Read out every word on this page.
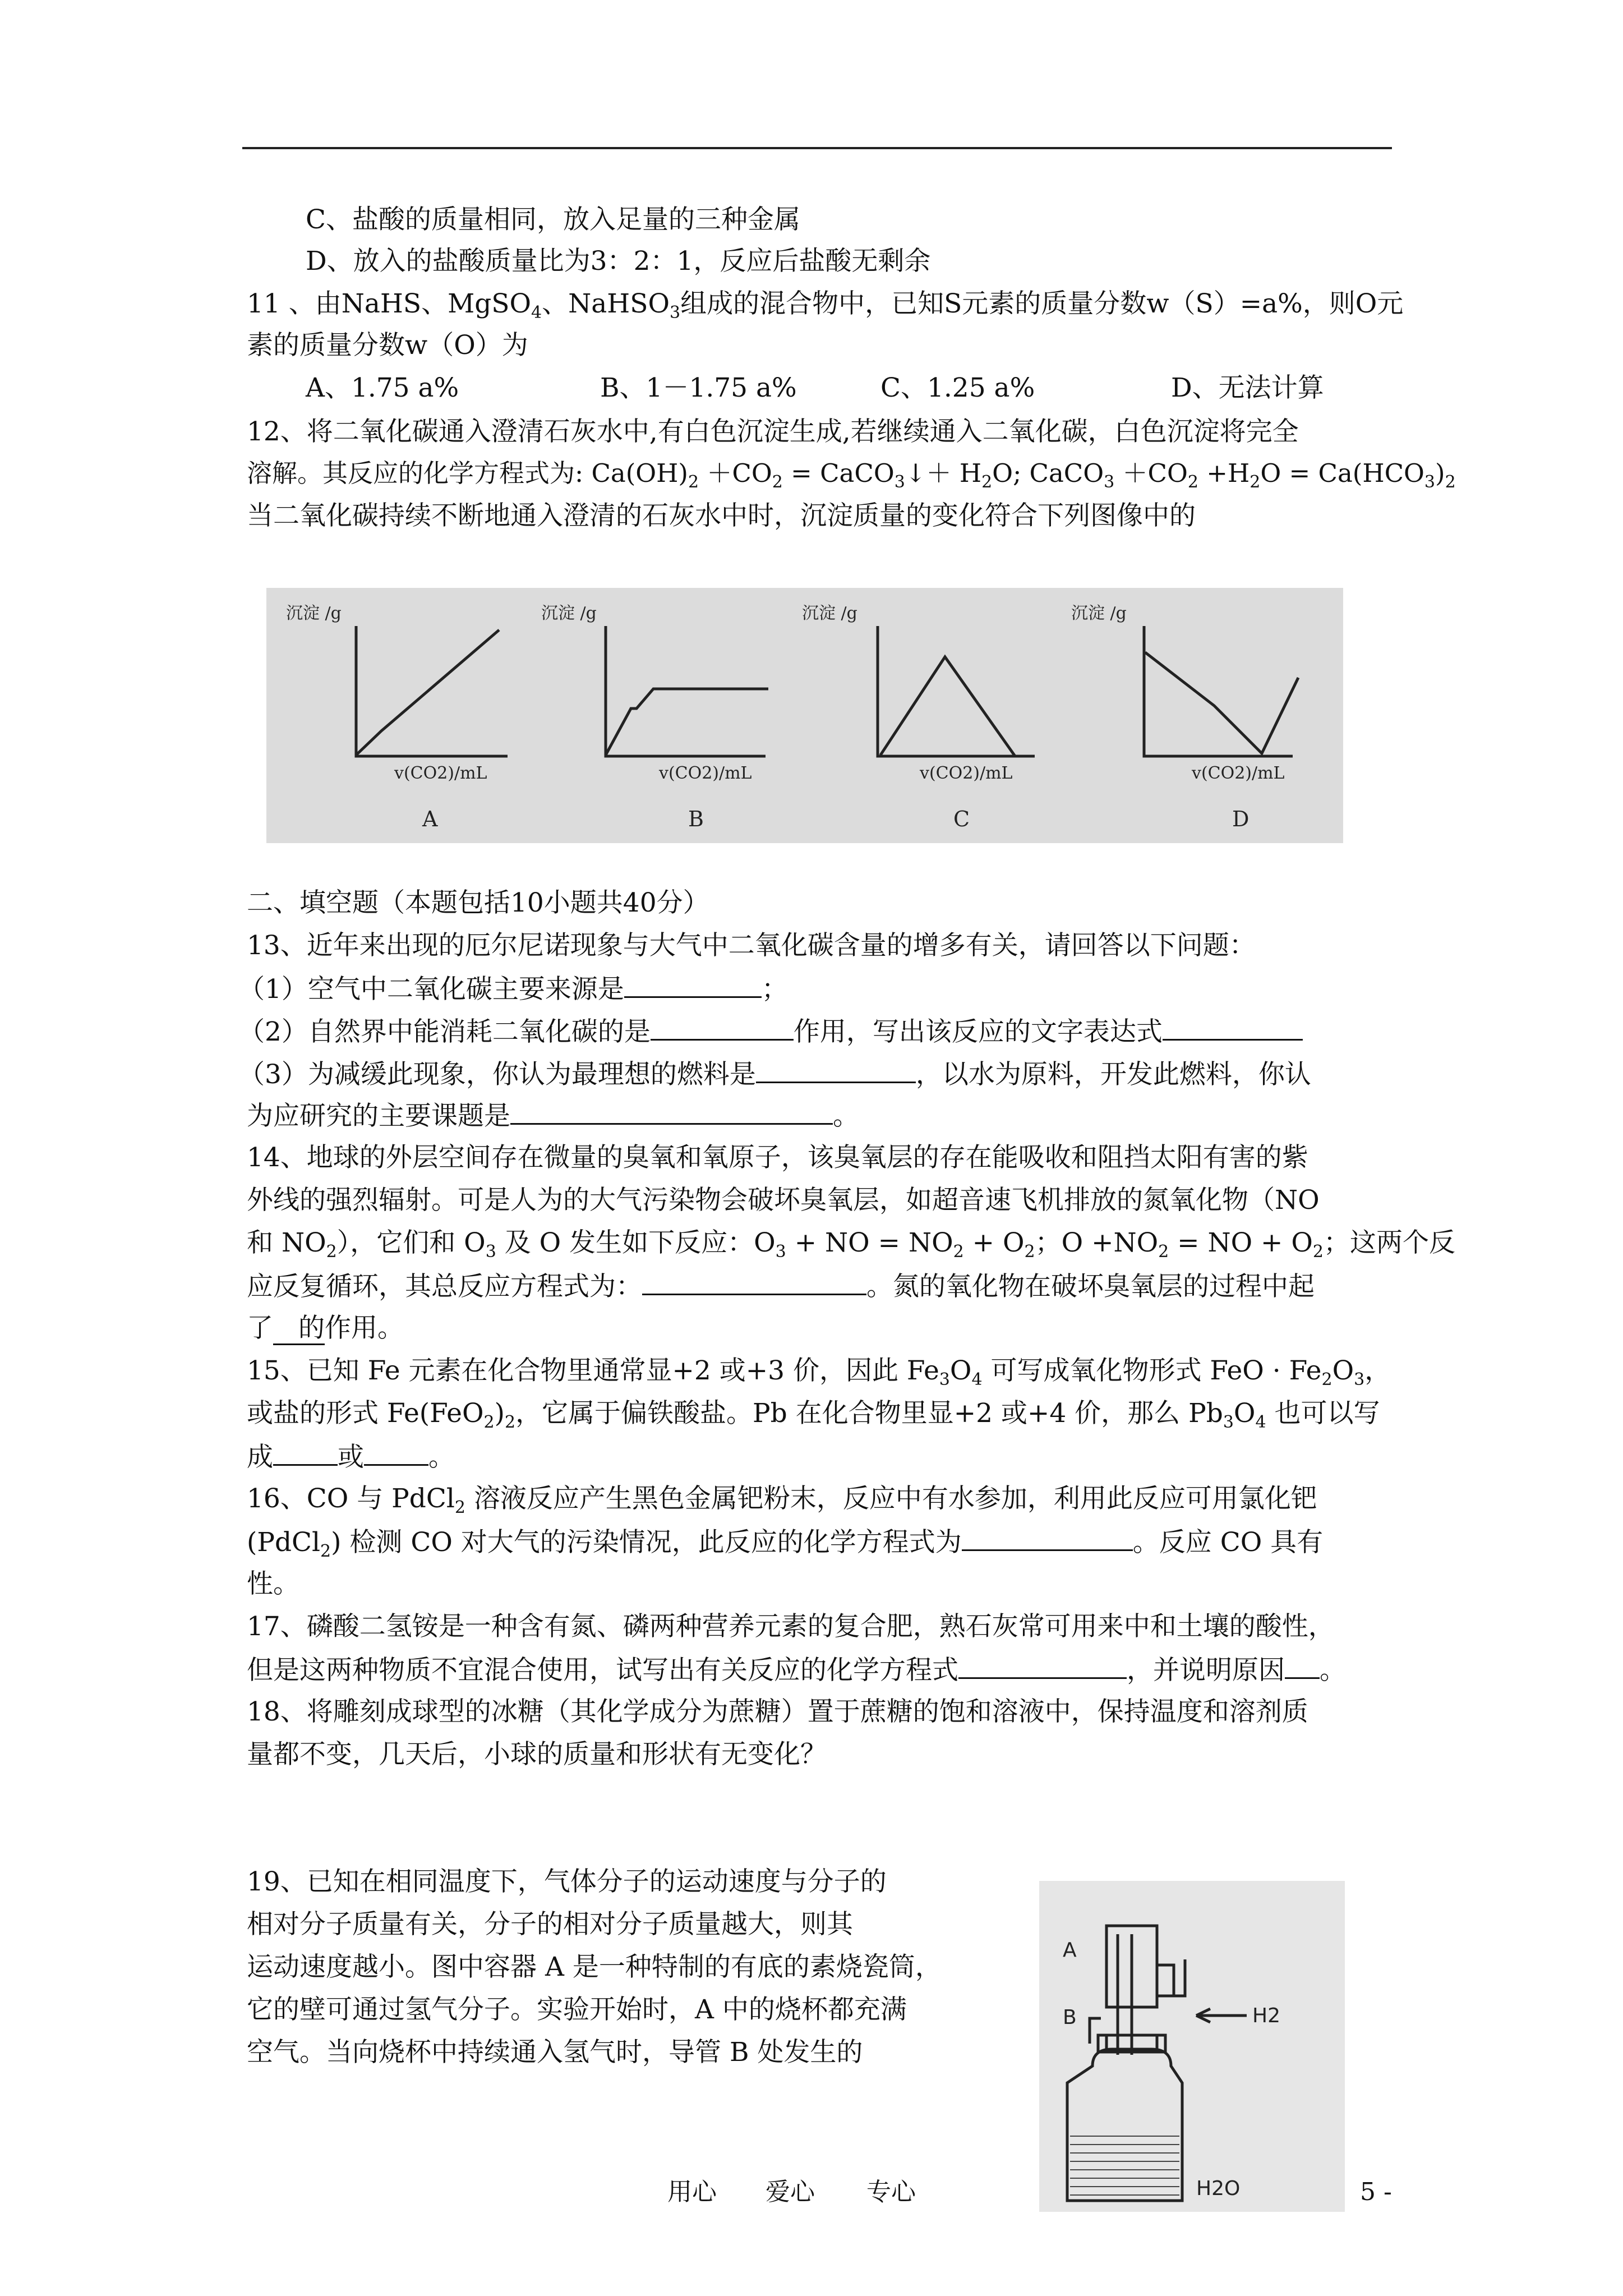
C、盐酸的质量相同，放入足量的三种金属
D、放入的盐酸质量比为3：2：1，反应后盐酸无剩余
11 、由NaHS、MgSO$_4$、NaHSO$_3$组成的混合物中，已知S元素的质量分数w（S）=a%，则O元
素的质量分数w（O）为
A、1.75 a%	B、1－1.75 a%	C、1.25 a%	D、无法计算
12、将二氧化碳通入澄清石灰水中,有白色沉淀生成,若继续通入二氧化碳，白色沉淀将完全
溶解。其反应的化学方程式为: $Ca(OH)_2 +CO_2$ = CaCO$_3$↓＋ $H_2O$; CaCO$_3$ $+CO_2 +H_2O = Ca(HCO_3)_2$
当二氧化碳持续不断地通入澄清的石灰水中时，沉淀质量的变化符合下列图像中的
沉淀 /g	沉淀 /g	沉淀 /g	沉淀 /g
v(CO2)/mL	v(CO2)/mL	v(CO2)/mL	v(CO2)/mL
A	B	C	D
二、填空题（本题包括10小题共40分）
13、近年来出现的厄尔尼诺现象与大气中二氧化碳含量的增多有关，请回答以下问题：
（1）空气中二氧化碳主要来源是	；
（2）自然界中能消耗二氧化碳的是	作用，写出该反应的文字表达式
（3）为减缓此现象，你认为最理想的燃料是	，以水为原料，开发此燃料，你认
为应研究的主要课题是	。
14、地球的外层空间存在微量的臭氧和氧原子，该臭氧层的存在能吸收和阻挡太阳有害的紫
外线的强烈辐射。可是人为的大气污染物会破坏臭氧层，如超音速飞机排放的氮氧化物（NO
和 $NO_2$），它们和 $O_3$ 及 O 发生如下反应：$O_3$ + NO = $NO_2 + O_2$；$O +NO_2$ = NO + $O_2$；这两个反
应反复循环，其总反应方程式为：	。氮的氧化物在破坏臭氧层的过程中起
了 的作用。
15、已知 Fe 元素在化合物里通常显+2 或+3 价，因此 $Fe_3O_4$ 可写成氧化物形式 FeO · $Fe_2O_3$，
或盐的形式 $Fe(FeO_2)_2$，它属于偏铁酸盐。Pb 在化合物里显+2 或+4 价，那么 $Pb_3O_4$ 也可以写
成 或 。
16、CO 与 PdCl$_2$ 溶液反应产生黑色金属钯粉末，反应中有水参加，利用此反应可用氯化钯
(PdCl$_2$) 检测 CO 对大气的污染情况，此反应的化学方程式为	。反应 CO 具有
性。
17、磷酸二氢铵是一种含有氮、磷两种营养元素的复合肥，熟石灰常可用来中和土壤的酸性，
但是这两种物质不宜混合使用，试写出有关反应的化学方程式	，并说明原因 。
18、将雕刻成球型的冰糖（其化学成分为蔗糖）置于蔗糖的饱和溶液中，保持温度和溶剂质
量都不变，几天后，小球的质量和形状有无变化？
19、已知在相同温度下，气体分子的运动速度与分子的
相对分子质量有关，分子的相对分子质量越大，则其
运动速度越小。图中容器 A 是一种特制的有底的素烧瓷筒，
它的壁可通过氢气分子。实验开始时，A 中的烧杯都充满
空气。当向烧杯中持续通入氢气时，导管 B 处发生的
A
B	H2
H2O
用心 爱心 专心	5 -
